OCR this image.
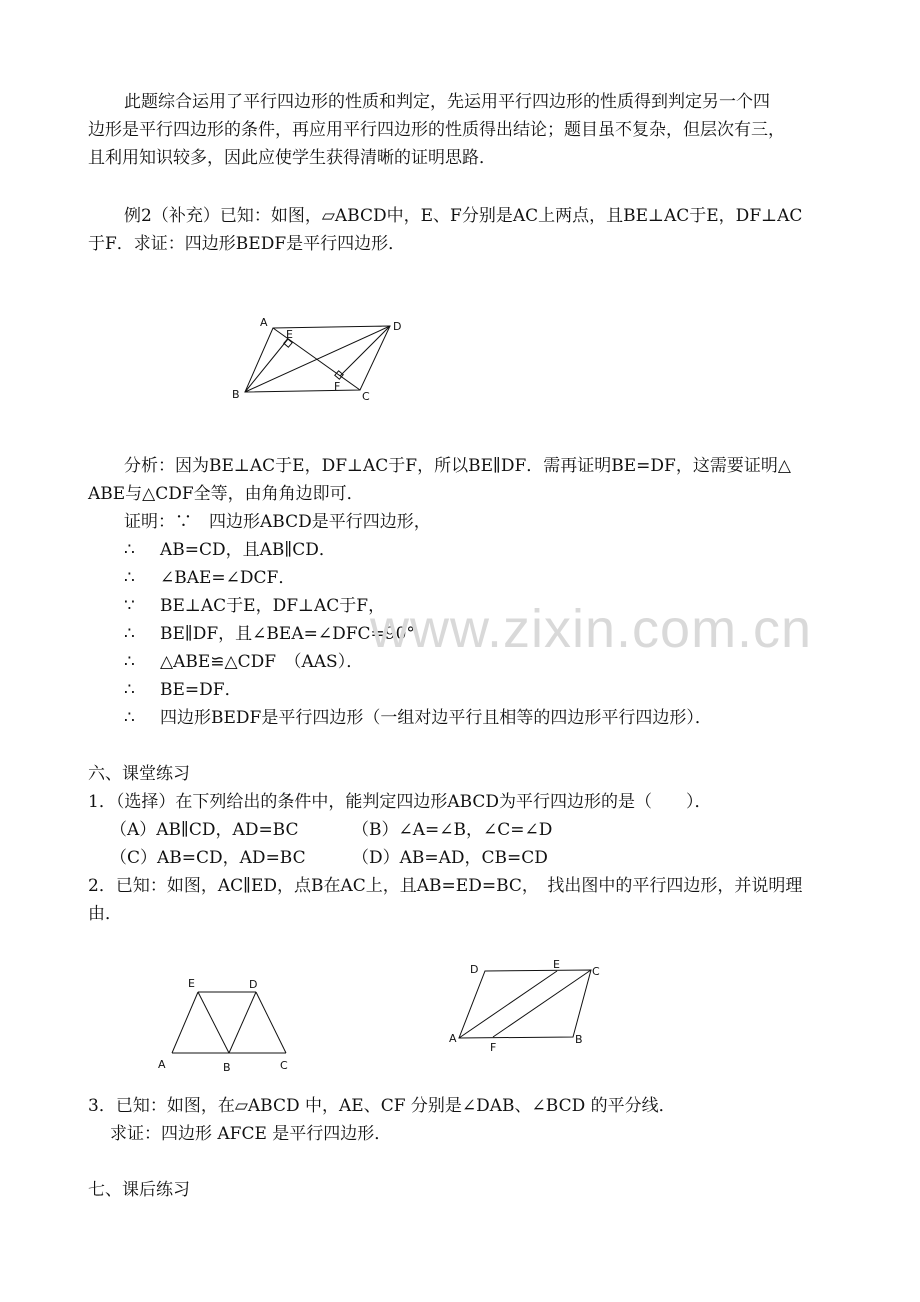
此题综合运用了平行四边形的性质和判定，先运用平行四边形的性质得到判定另一个四
边形是平行四边形的条件，再应用平行四边形的性质得出结论；题目虽不复杂，但层次有三，
且利用知识较多，因此应使学生获得清晰的证明思路．
例2（补充）已知：如图，▱ABCD中，E、F分别是AC上两点，且BE⊥AC于E，DF⊥AC
于F．求证：四边形BEDF是平行四边形．
A
B	C
D
E
F
分析：因为BE⊥AC于E，DF⊥AC于F，所以BE∥DF．需再证明BE=DF，这需要证明△
ABE与△CDF全等，由角角边即可．
证明：∵　四边形ABCD是平行四边形，
∴ AB=CD，且AB∥CD．
∴ ∠BAE=∠DCF．
∵ BE⊥AC于E，DF⊥AC于F，
∴ BE∥DF，且∠BEA=∠DFC=90°．
∴ △ABE≌△CDF　（AAS）．
∴ BE=DF．
∴ 四边形BEDF是平行四边形（一组对边平行且相等的四边形平行四边形）．
www.zixin.com.cn
六、课堂练习
1．（选择）在下列给出的条件中，能判定四边形ABCD为平行四边形的是（　　）．
（A）AB∥CD，AD=BC	（B）∠A=∠B，∠C=∠D
（C）AB=CD，AD=BC	（D）AB=AD，CB=CD
2．已知：如图，AC∥ED，点B在AC上，且AB=ED=BC，　找出图中的平行四边形，并说明理
由．
A	B	C
D
E
D	E
C
A
F
B
3．已知：如图，在▱ABCD 中，AE、CF 分别是∠DAB、∠BCD 的平分线．
求证：四边形 AFCE 是平行四边形．
七、课后练习
